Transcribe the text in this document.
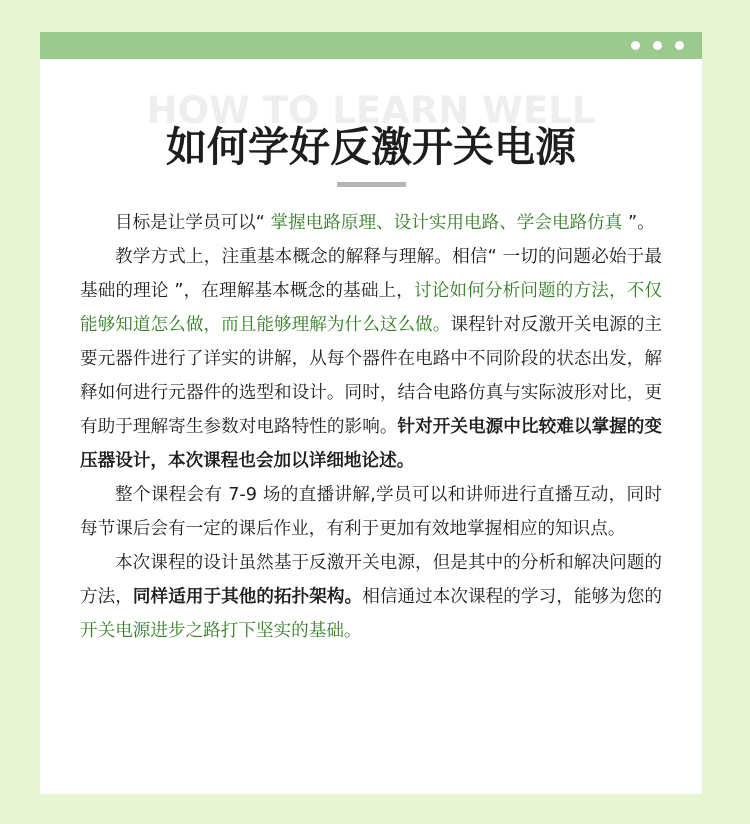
HOW TO LEARN WELL
如何学好反激开关电源

目标是让学员可以“ 掌握电路原理、设计实用电路、学会电路仿真 ”。

教学方式上，注重基本概念的解释与理解。相信“ 一切的问题必始于最基础的理论 ”，在理解基本概念的基础上，讨论如何分析问题的方法，不仅能够知道怎么做，而且能够理解为什么这么做。课程针对反激开关电源的主要元器件进行了详实的讲解，从每个器件在电路中不同阶段的状态出发，解释如何进行元器件的选型和设计。同时，结合电路仿真与实际波形对比，更有助于理解寄生参数对电路特性的影响。针对开关电源中比较难以掌握的变压器设计，本次课程也会加以详细地论述。

整个课程会有 7-9 场的直播讲解,学员可以和讲师进行直播互动，同时每节课后会有一定的课后作业，有利于更加有效地掌握相应的知识点。

本次课程的设计虽然基于反激开关电源，但是其中的分析和解决问题的方法，同样适用于其他的拓扑架构。相信通过本次课程的学习，能够为您的开关电源进步之路打下坚实的基础。
